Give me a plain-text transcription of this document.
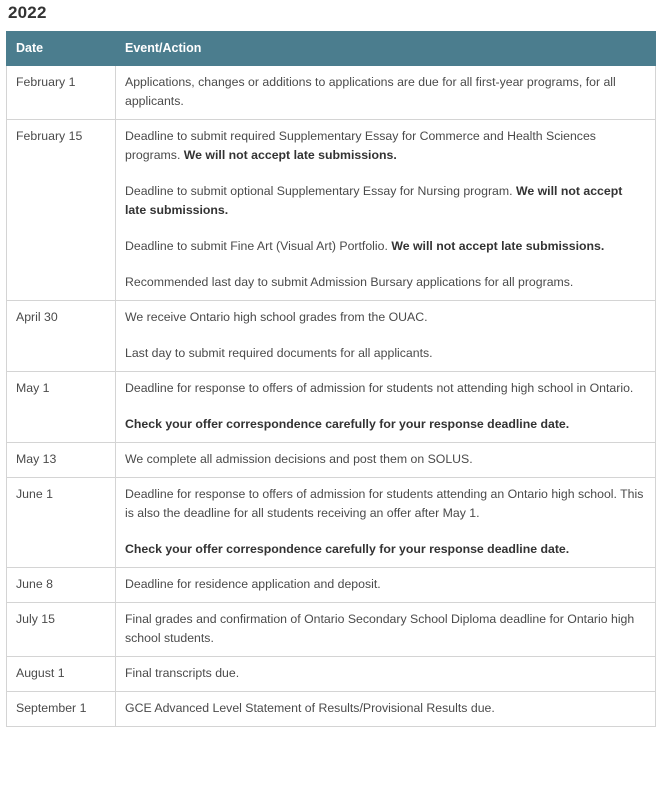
2022
Date	Event/Action
February 1	Applications, changes or additions to applications are due for all first-year programs, for all applicants.

February 15	Deadline to submit required Supplementary Essay for Commerce and Health Sciences programs. We will not accept late submissions.

Deadline to submit optional Supplementary Essay for Nursing program. We will not accept late submissions.

Deadline to submit Fine Art (Visual Art) Portfolio. We will not accept late submissions.

Recommended last day to submit Admission Bursary applications for all programs.

April 30	We receive Ontario high school grades from the OUAC.

Last day to submit required documents for all applicants.

May 1	Deadline for response to offers of admission for students not attending high school in Ontario.

Check your offer correspondence carefully for your response deadline date.

May 13	We complete all admission decisions and post them on SOLUS.

June 1	Deadline for response to offers of admission for students attending an Ontario high school. This is also the deadline for all students receiving an offer after May 1.

Check your offer correspondence carefully for your response deadline date.

June 8	Deadline for residence application and deposit.

July 15	Final grades and confirmation of Ontario Secondary School Diploma deadline for Ontario high school students.

August 1	Final transcripts due.

September 1	GCE Advanced Level Statement of Results/Provisional Results due.
